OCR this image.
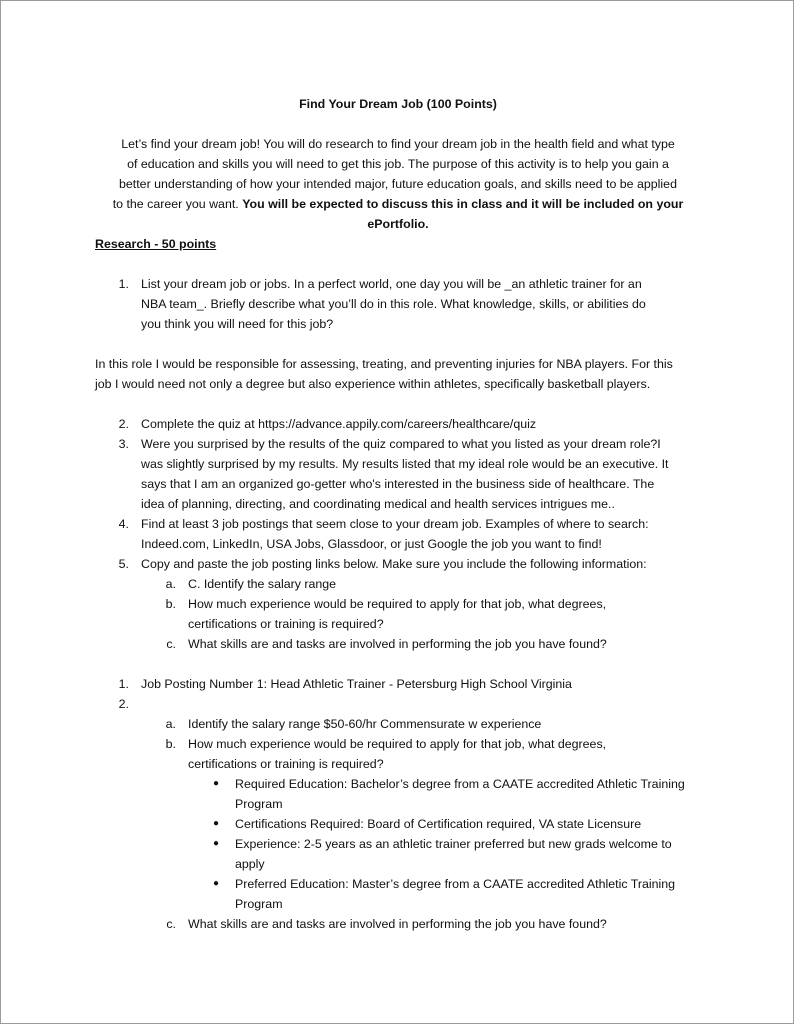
Find Your Dream Job (100 Points)
Let’s find your dream job! You will do research to find your dream job in the health field and what type
of education and skills you will need to get this job. The purpose of this activity is to help you gain a
better understanding of how your intended major, future education goals, and skills need to be applied
to the career you want. You will be expected to discuss this in class and it will be included on your
ePortfolio.
Research - 50 points
1. List your dream job or jobs. In a perfect world, one day you will be _an athletic trainer for an
NBA team_. Briefly describe what you’ll do in this role. What knowledge, skills, or abilities do
you think you will need for this job?
In this role I would be responsible for assessing, treating, and preventing injuries for NBA players. For this
job I would need not only a degree but also experience within athletes, specifically basketball players.
2. Complete the quiz at https://advance.appily.com/careers/healthcare/quiz
3. Were you surprised by the results of the quiz compared to what you listed as your dream role?I
was slightly surprised by my results. My results listed that my ideal role would be an executive. It
says that I am an organized go-getter who's interested in the business side of healthcare. The
idea of planning, directing, and coordinating medical and health services intrigues me..
4. Find at least 3 job postings that seem close to your dream job. Examples of where to search:
Indeed.com, LinkedIn, USA Jobs, Glassdoor, or just Google the job you want to find!
5. Copy and paste the job posting links below. Make sure you include the following information:
a. C. Identify the salary range
b. How much experience would be required to apply for that job, what degrees,
certifications or training is required?
c. What skills are and tasks are involved in performing the job you have found?
1. Job Posting Number 1: Head Athletic Trainer - Petersburg High School Virginia
2.
a. Identify the salary range $50-60/hr Commensurate w experience
b. How much experience would be required to apply for that job, what degrees,
certifications or training is required?
● Required Education: Bachelor’s degree from a CAATE accredited Athletic Training
Program
● Certifications Required: Board of Certification required, VA state Licensure
● Experience: 2-5 years as an athletic trainer preferred but new grads welcome to
apply
● Preferred Education: Master’s degree from a CAATE accredited Athletic Training
Program
c. What skills are and tasks are involved in performing the job you have found?
